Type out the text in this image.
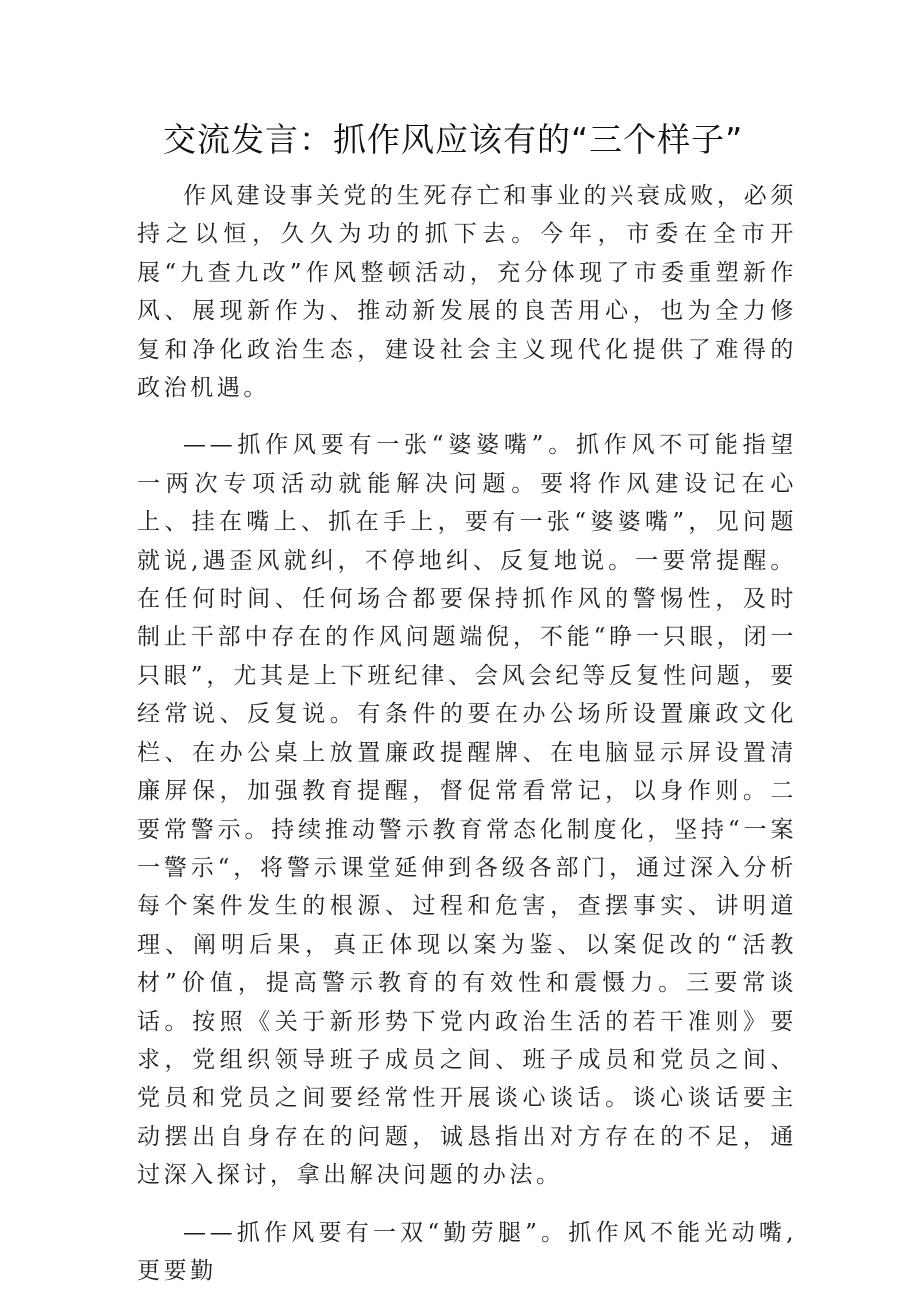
交流发言：抓作风应该有的“三个样子”

作风建设事关党的生死存亡和事业的兴衰成败，必须持之以恒，久久为功的抓下去。今年，市委在全市开展“九查九改”作风整顿活动，充分体现了市委重塑新作风、展现新作为、推动新发展的良苦用心，也为全力修复和净化政治生态，建设社会主义现代化提供了难得的政治机遇。

——抓作风要有一张“婆婆嘴”。抓作风不可能指望一两次专项活动就能解决问题。要将作风建设记在心上、挂在嘴上、抓在手上，要有一张“婆婆嘴”，见问题就说,遇歪风就纠，不停地纠、反复地说。一要常提醒。在任何时间、任何场合都要保持抓作风的警惕性，及时制止干部中存在的作风问题端倪，不能“睁一只眼，闭一只眼”，尤其是上下班纪律、会风会纪等反复性问题，要经常说、反复说。有条件的要在办公场所设置廉政文化栏、在办公桌上放置廉政提醒牌、在电脑显示屏设置清廉屏保，加强教育提醒，督促常看常记，以身作则。二要常警示。持续推动警示教育常态化制度化，坚持“一案一警示“，将警示课堂延伸到各级各部门，通过深入分析每个案件发生的根源、过程和危害，查摆事实、讲明道理、阐明后果，真正体现以案为鉴、以案促改的“活教材”价值，提高警示教育的有效性和震慑力。三要常谈话。按照《关于新形势下党内政治生活的若干准则》要求，党组织领导班子成员之间、班子成员和党员之间、党员和党员之间要经常性开展谈心谈话。谈心谈话要主动摆出自身存在的问题，诚恳指出对方存在的不足，通过深入探讨，拿出解决问题的办法。

——抓作风要有一双“勤劳腿”。抓作风不能光动嘴,更要勤
